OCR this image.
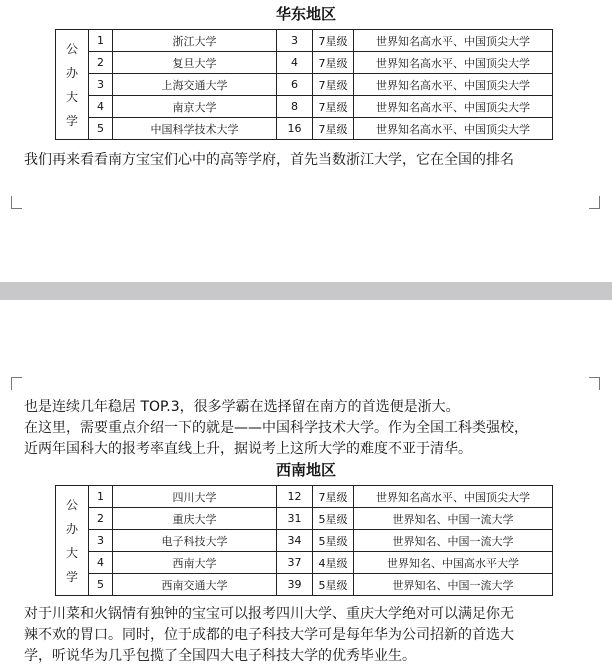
华东地区
公
办
大
学	1	浙江大学	3	7星级	世界知名高水平、中国顶尖大学
	2	复旦大学	4	7星级	世界知名高水平、中国顶尖大学
	3	上海交通大学	6	7星级	世界知名高水平、中国顶尖大学
	4	南京大学	8	7星级	世界知名高水平、中国顶尖大学
	5	中国科学技术大学	16	7星级	世界知名高水平、中国顶尖大学
我们再来看看南方宝宝们心中的高等学府，首先当数浙江大学，它在全国的排名
也是连续几年稳居 TOP.3，很多学霸在选择留在南方的首选便是浙大。
在这里，需要重点介绍一下的就是——中国科学技术大学。作为全国工科类强校，
近两年国科大的报考率直线上升，据说考上这所大学的难度不亚于清华。
西南地区
公
办
大
学	1	四川大学	12	7星级	世界知名高水平、中国顶尖大学
	2	重庆大学	31	5星级	世界知名、中国一流大学
	3	电子科技大学	34	5星级	世界知名、中国一流大学
	4	西南大学	37	4星级	世界知名、中国高水平大学
	5	西南交通大学	39	5星级	世界知名、中国一流大学
对于川菜和火锅情有独钟的宝宝可以报考四川大学、重庆大学绝对可以满足你无
辣不欢的胃口。同时，位于成都的电子科技大学可是每年华为公司招新的首选大
学，听说华为几乎包揽了全国四大电子科技大学的优秀毕业生。
